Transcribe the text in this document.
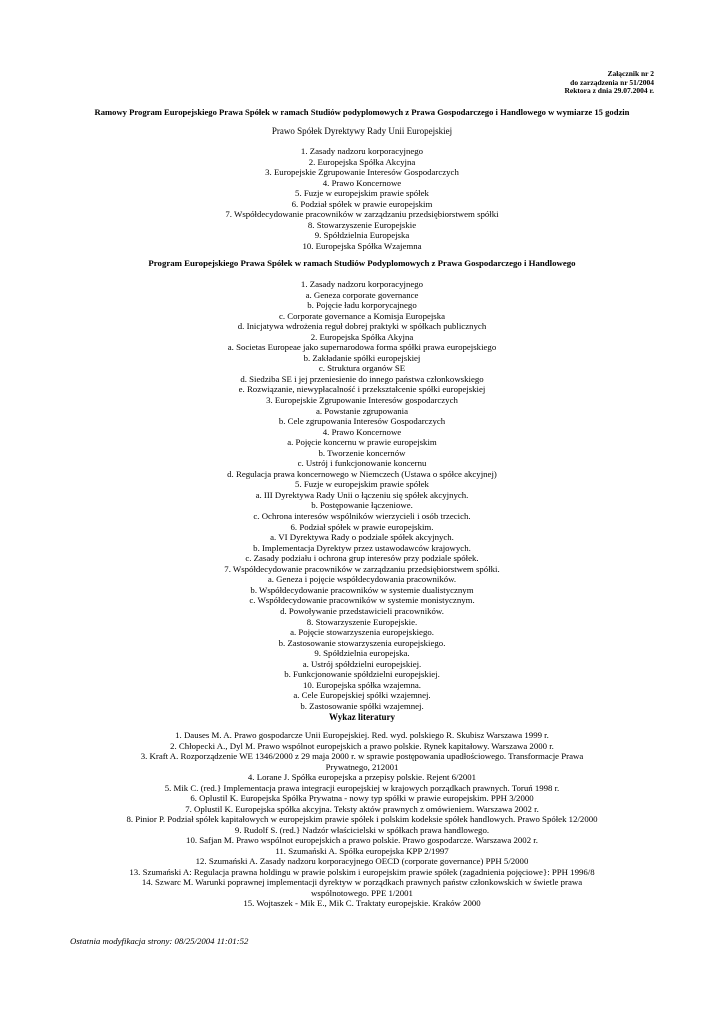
Załącznik nr 2
do zarządzenia nr 51/2004
Rektora z dnia 29.07.2004 r.
Ramowy Program Europejskiego Prawa Spółek w ramach Studiów podyplomowych z Prawa Gospodarczego i Handlowego w wymiarze 15 godzin
Prawo Spółek Dyrektywy Rady Unii Europejskiej
1. Zasady nadzoru korporacyjnego
2. Europejska Spółka Akcyjna
3. Europejskie Zgrupowanie Interesów Gospodarczych
4. Prawo Koncernowe
5. Fuzje w europejskim prawie spółek
6. Podział spółek w prawie europejskim
7. Współdecydowanie pracowników w zarządzaniu przedsiębiorstwem spółki
8. Stowarzyszenie Europejskie
9. Spółdzielnia Europejska
10. Europejska Spółka Wzajemna
Program Europejskiego Prawa Spółek w ramach Studiów Podyplomowych z Prawa Gospodarczego i Handlowego
1. Zasady nadzoru korporacyjnego
a. Geneza corporate governance
b. Pojęcie ładu korporycajnego
c. Corporate governance a Komisja Europejska
d. Inicjatywa wdrożenia reguł dobrej praktyki w spółkach publicznych
2. Europejska Spółka Akyjna
a. Societas Europeae jako supernarodowa forma spółki prawa europejskiego
b. Zakładanie spółki europejskiej
c. Struktura organów SE
d. Siedziba SE i jej przeniesienie do innego państwa członkowskiego
e. Rozwiązanie, niewypłacalność i przekształcenie spółki europejskiej
3. Europejskie Zgrupowanie Interesów gospodarczych
a. Powstanie zgrupowania
b. Cele zgrupowania Interesów Gospodarczych
4. Prawo Koncernowe
a. Pojęcie koncernu w prawie europejskim
b. Tworzenie koncernów
c. Ustrój i funkcjonowanie koncernu
d. Regulacja prawa koncernowego w Niemczech (Ustawa o spółce akcyjnej)
5. Fuzje w europejskim prawie spółek
a. III Dyrektywa Rady Unii o łączeniu się spółek akcyjnych.
b. Postępowanie łączeniowe.
c. Ochrona interesów wspólników wierzycieli i osób trzecich.
6. Podział spółek w prawie europejskim.
a. VI Dyrektywa Rady o podziale spółek akcyjnych.
b. Implementacja Dyrektyw przez ustawodawców krajowych.
c. Zasady podziału i ochrona grup interesów przy podziale spółek.
7. Współdecydowanie pracowników w zarządzaniu przedsiębiorstwem spółki.
a. Geneza i pojęcie współdecydowania pracowników.
b. Współdecydowanie pracowników w systemie dualistycznym
c. Współdecydowanie pracowników w systemie monistycznym.
d. Powoływanie przedstawicieli pracowników.
8. Stowarzyszenie Europejskie.
a. Pojęcie stowarzyszenia europejskiego.
b. Zastosowanie stowarzyszenia europejskiego.
9. Spółdzielnia europejska.
a. Ustrój spółdzielni europejskiej.
b. Funkcjonowanie spółdzielni europejskiej.
10. Europejska spółka wzajemna.
a. Cele Europejskiej spółki wzajemnej.
b. Zastosowanie spółki wzajemnej.
Wykaz literatury
1. Dauses M. A. Prawo gospodarcze Unii Europejskiej. Red. wyd. polskiego R. Skubisz Warszawa 1999 r.
2. Chłopecki A., Dyl M. Prawo wspólnot europejskich a prawo polskie. Rynek kapitałowy. Warszawa 2000 r.
3. Kraft A. Rozporządzenie WE 1346/2000 z 29 maja 2000 r. w sprawie postępowania upadłościowego. Transformacje Prawa
Prywatnego, 212001
4. Lorane J. Spółka europejska a przepisy polskie. Rejent 6/2001
5. Mik C. (red.} Implementacja prawa integracji europejskiej w krajowych porządkach prawnych. Toruń 1998 r.
6. Oplustil K. Europejska Spółka Prywatna - nowy typ spółki w prawie europejskim. PPH 3/2000
7. Oplustil K. Europejska spółka akcyjna. Teksty aktów prawnych z omówieniem. Warszawa 2002 r.
8. Pinior P. Podział spółek kapitałowych w europejskim prawie spółek i polskim kodeksie spółek handlowych. Prawo Spółek 12/2000
9. Rudolf S. (red.} Nadzór właścicielski w spółkach prawa handlowego.
10. Safjan M. Prawo wspólnot europejskich a prawo polskie. Prawo gospodarcze. Warszawa 2002 r.
11. Szumański A. Spółka europejska KPP 2/1997
12. Szumański A. Zasady nadzoru korporacyjnego OECD (corporate governance) PPH 5/2000
13. Szumański A: Regulacja prawna holdingu w prawie polskim i europejskim prawie spółek (zagadnienia pojęciowe}: PPH 1996/8
14. Szwarc M. Warunki poprawnej implementacji dyrektyw w porządkach prawnych państw członkowskich w świetle prawa
wspólnotowego. PPE 1/2001
15. Wojtaszek - Mik E., Mik C. Traktaty europejskie. Kraków 2000
Ostatnia modyfikacja strony: 08/25/2004 11:01:52
